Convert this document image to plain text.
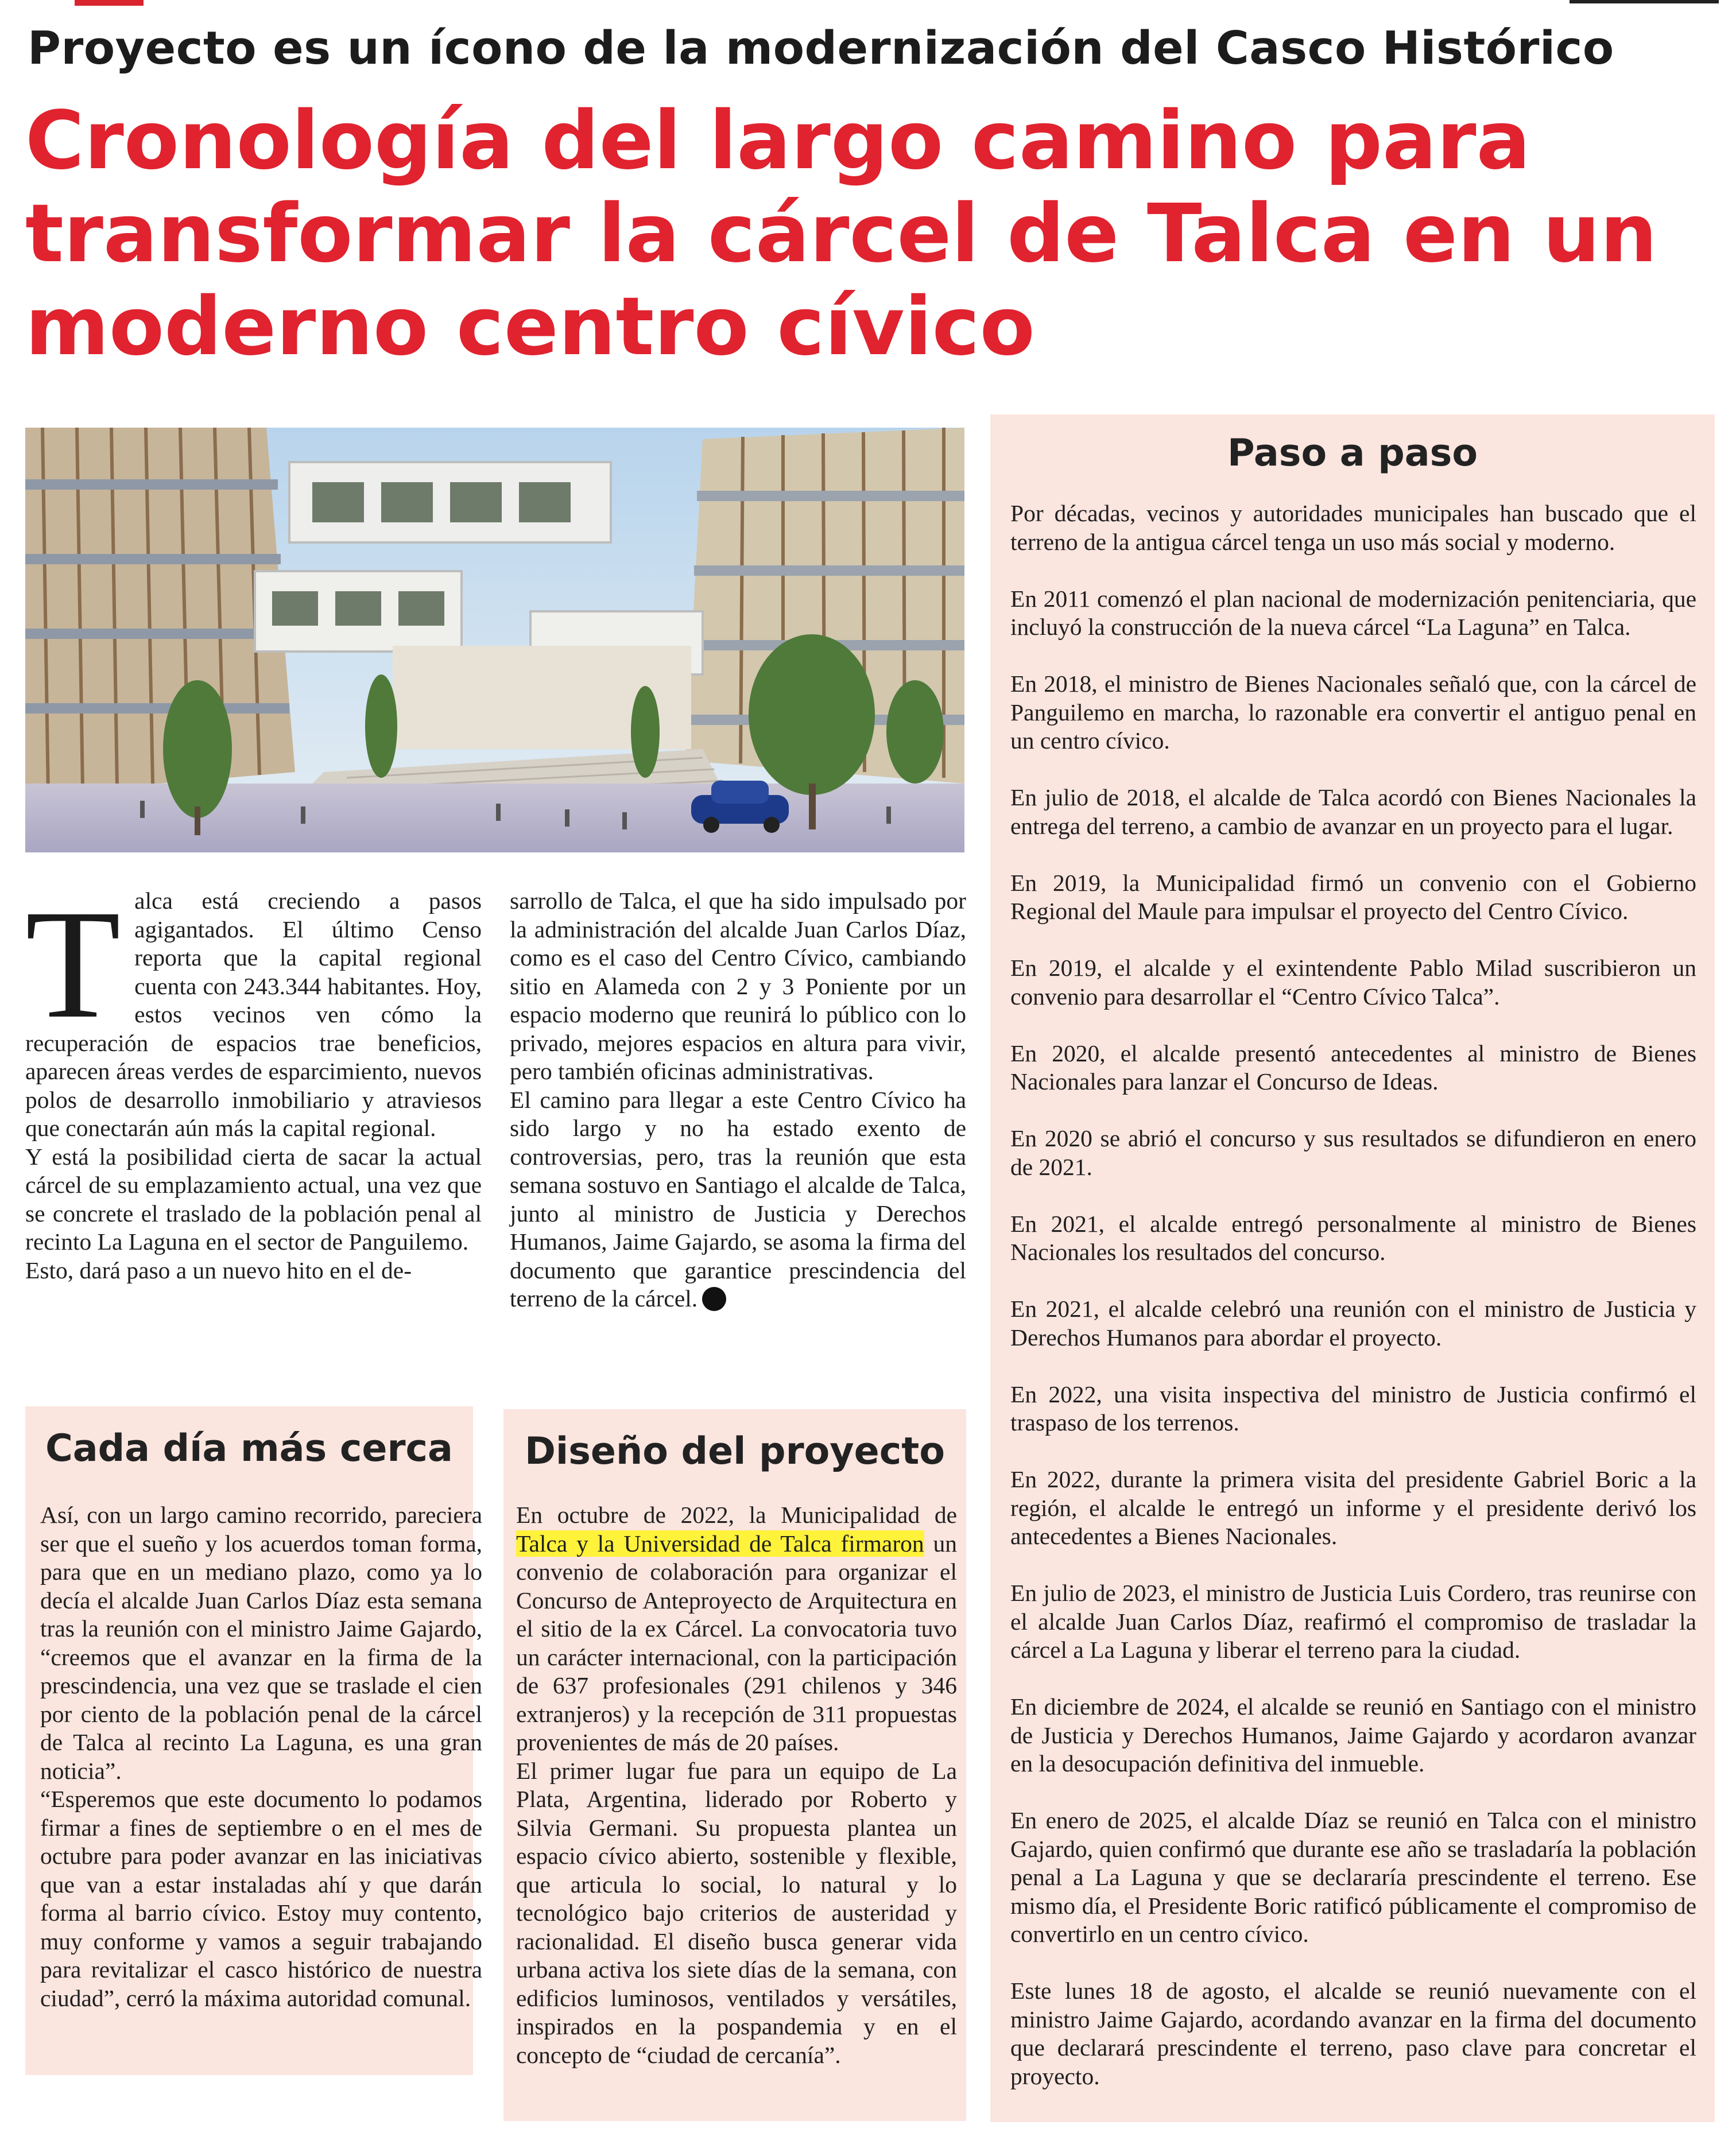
Proyecto es un ícono de la modernización del Casco Histórico
Cronología del largo camino para
transformar la cárcel de Talca en un
moderno centro cívico
T alca está creciendo a pasos agigantados. El último Censo reporta que la capital regional cuenta con 243.344 habitantes. Hoy, estos vecinos ven cómo la recuperación de espacios trae beneficios, aparecen áreas verdes de esparcimiento, nuevos polos de desarrollo inmobiliario y atraviesos que conectarán aún más la capital regional.

Y está la posibilidad cierta de sacar la actual cárcel de su emplazamiento actual, una vez que se concrete el traslado de la población penal al recinto La Laguna en el sector de Panguilemo.

Esto, dará paso a un nuevo hito en el de-

sarrollo de Talca, el que ha sido impulsado por la administración del alcalde Juan Carlos Díaz, como es el caso del Centro Cívico, cambiando sitio en Alameda con 2 y 3 Poniente por un espacio moderno que reunirá lo público con lo privado, mejores espacios en altura para vivir, pero también oficinas administrativas.

El camino para llegar a este Centro Cívico ha sido largo y no ha estado exento de controversias, pero, tras la reunión que esta semana sostuvo en Santiago el alcalde de Talca, junto al ministro de Justicia y Derechos Humanos, Jaime Gajardo, se asoma la firma del documento que garantice prescindencia del terreno de la cárcel.

Cada día más cerca

Así, con un largo camino recorrido, pareciera ser que el sueño y los acuerdos toman forma, para que en un mediano plazo, como ya lo decía el alcalde Juan Carlos Díaz esta semana tras la reunión con el ministro Jaime Gajardo, “creemos que el avanzar en la firma de la prescindencia, una vez que se traslade el cien por ciento de la población penal de la cárcel de Talca al recinto La Laguna, es una gran noticia”.

“Esperemos que este documento lo podamos firmar a fines de septiembre o en el mes de octubre para poder avanzar en las iniciativas que van a estar instaladas ahí y que darán forma al barrio cívico. Estoy muy contento, muy conforme y vamos a seguir trabajando para revitalizar el casco histórico de nuestra ciudad”, cerró la máxima autoridad comunal.

Diseño del proyecto

En octubre de 2022, la Municipalidad de Talca y la Universidad de Talca firmaron un convenio de colaboración para organizar el Concurso de Anteproyecto de Arquitectura en el sitio de la ex Cárcel. La convocatoria tuvo un carácter internacional, con la participación de 637 profesionales (291 chilenos y 346 extranjeros) y la recepción de 311 propuestas provenientes de más de 20 países.

El primer lugar fue para un equipo de La Plata, Argentina, liderado por Roberto y Silvia Germani. Su propuesta plantea un espacio cívico abierto, sostenible y flexible, que articula lo social, lo natural y lo tecnológico bajo criterios de austeridad y racionalidad. El diseño busca generar vida urbana activa los siete días de la semana, con edificios luminosos, ventilados y versátiles, inspirados en la pospandemia y en el concepto de “ciudad de cercanía”.

Paso a paso

Por décadas, vecinos y autoridades municipales han buscado que el terreno de la antigua cárcel tenga un uso más social y moderno.

En 2011 comenzó el plan nacional de modernización penitenciaria, que incluyó la construcción de la nueva cárcel “La Laguna” en Talca.

En 2018, el ministro de Bienes Nacionales señaló que, con la cárcel de Panguilemo en marcha, lo razonable era convertir el antiguo penal en un centro cívico.

En julio de 2018, el alcalde de Talca acordó con Bienes Nacionales la entrega del terreno, a cambio de avanzar en un proyecto para el lugar.

En 2019, la Municipalidad firmó un convenio con el Gobierno Regional del Maule para impulsar el proyecto del Centro Cívico.

En 2019, el alcalde y el exintendente Pablo Milad suscribieron un convenio para desarrollar el “Centro Cívico Talca”.

En 2020, el alcalde presentó antecedentes al ministro de Bienes Nacionales para lanzar el Concurso de Ideas.

En 2020 se abrió el concurso y sus resultados se difundieron en enero de 2021.

En 2021, el alcalde entregó personalmente al ministro de Bienes Nacionales los resultados del concurso.

En 2021, el alcalde celebró una reunión con el ministro de Justicia y Derechos Humanos para abordar el proyecto.

En 2022, una visita inspectiva del ministro de Justicia confirmó el traspaso de los terrenos.

En 2022, durante la primera visita del presidente Gabriel Boric a la región, el alcalde le entregó un informe y el presidente derivó los antecedentes a Bienes Nacionales.

En julio de 2023, el ministro de Justicia Luis Cordero, tras reunirse con el alcalde Juan Carlos Díaz, reafirmó el compromiso de trasladar la cárcel a La Laguna y liberar el terreno para la ciudad.

En diciembre de 2024, el alcalde se reunió en Santiago con el ministro de Justicia y Derechos Humanos, Jaime Gajardo y acordaron avanzar en la desocupación definitiva del inmueble.

En enero de 2025, el alcalde Díaz se reunió en Talca con el ministro Gajardo, quien confirmó que durante ese año se trasladaría la población penal a La Laguna y que se declararía prescindente el terreno. Ese mismo día, el Presidente Boric ratificó públicamente el compromiso de convertirlo en un centro cívico.

Este lunes 18 de agosto, el alcalde se reunió nuevamente con el ministro Jaime Gajardo, acordando avanzar en la firma del documento que declarará prescindente el terreno, paso clave para concretar el proyecto.
